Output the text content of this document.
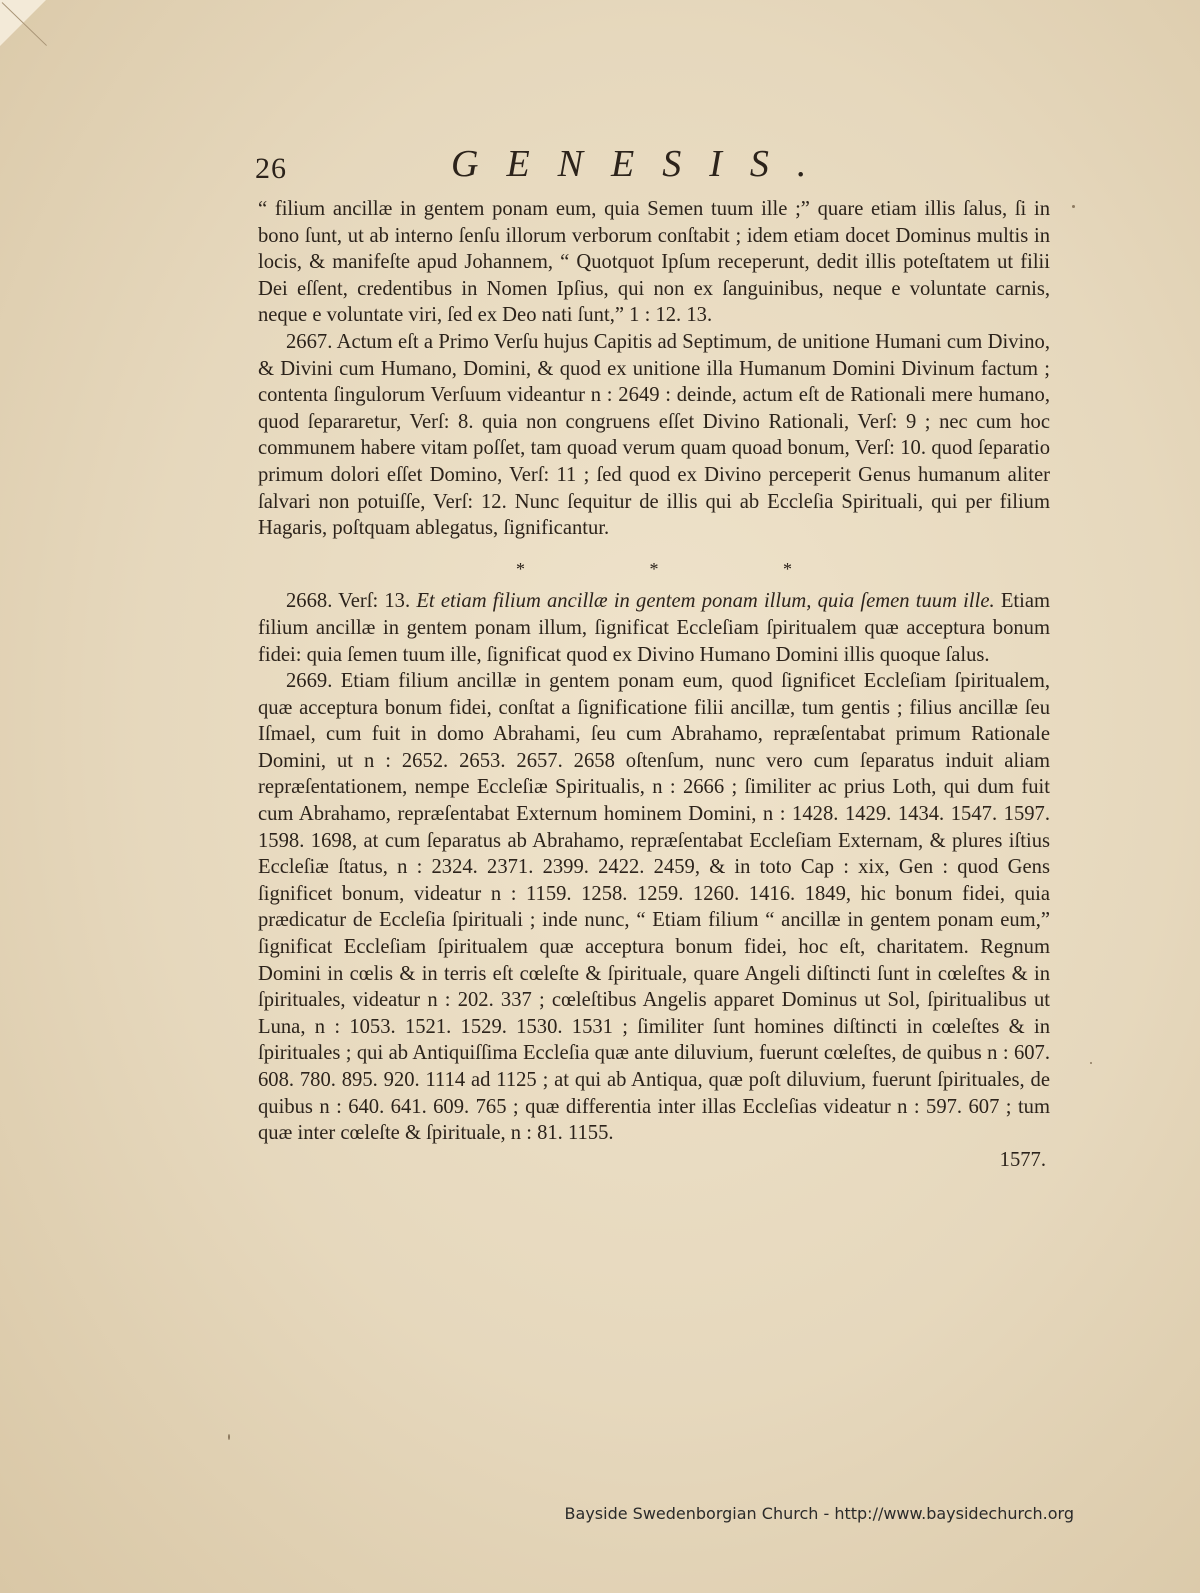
26	GENESIS.

“ filium ancillæ in gentem ponam eum, quia Semen tuum ille ;” quare etiam illis ſalus, ſi in bono ſunt, ut ab interno ſenſu illorum verborum conſtabit ; idem etiam docet Dominus multis in locis, & manifeſte apud Johannem, “ Quotquot Ipſum receperunt, dedit illis poteſtatem ut filii Dei eſſent, credentibus in Nomen Ipſius, qui non ex ſanguinibus, neque e voluntate carnis, neque e voluntate viri, ſed ex Deo nati ſunt,” 1 : 12. 13.

2667. Actum eſt a Primo Verſu hujus Capitis ad Septimum, de unitione Humani cum Divino, & Divini cum Humano, Domini, & quod ex unitione illa Humanum Domini Divinum factum ; contenta ſingulorum Verſuum videantur n : 2649 : deinde, actum eſt de Rationali mere humano, quod ſepararetur, Verſ: 8. quia non congruens eſſet Divino Rationali, Verſ: 9 ; nec cum hoc communem habere vitam poſſet, tam quoad verum quam quoad bonum, Verſ: 10. quod ſeparatio primum dolori eſſet Domino, Verſ: 11 ; ſed quod ex Divino perceperit Genus humanum aliter ſalvari non potuiſſe, Verſ: 12. Nunc ſequitur de illis qui ab Eccleſia Spirituali, qui per filium Hagaris, poſtquam ablegatus, ſignificantur.

* * *

2668. Verſ: 13. Et etiam filium ancillæ in gentem ponam illum, quia ſemen tuum ille. Etiam filium ancillæ in gentem ponam illum, ſignificat Eccleſiam ſpiritualem quæ acceptura bonum fidei: quia ſemen tuum ille, ſignificat quod ex Divino Humano Domini illis quoque ſalus.

2669. Etiam filium ancillæ in gentem ponam eum, quod ſignificet Eccleſiam ſpiritualem, quæ acceptura bonum fidei, conſtat a ſignificatione filii ancillæ, tum gentis ; filius ancillæ ſeu Iſmael, cum fuit in domo Abrahami, ſeu cum Abrahamo, repræſentabat primum Rationale Domini, ut n : 2652. 2653. 2657. 2658 oſtenſum, nunc vero cum ſeparatus induit aliam repræſentationem, nempe Eccleſiæ Spiritualis, n : 2666 ; ſimiliter ac prius Loth, qui dum fuit cum Abrahamo, repræſentabat Externum hominem Domini, n : 1428. 1429. 1434. 1547. 1597. 1598. 1698, at cum ſeparatus ab Abrahamo, repræſentabat Eccleſiam Externam, & plures iſtius Eccleſiæ ſtatus, n : 2324. 2371. 2399. 2422. 2459, & in toto Cap : xix, Gen : quod Gens ſignificet bonum, videatur n : 1159. 1258. 1259. 1260. 1416. 1849, hic bonum fidei, quia prædicatur de Eccleſia ſpirituali ; inde nunc, “ Etiam filium “ ancillæ in gentem ponam eum,” ſignificat Eccleſiam ſpiritualem quæ acceptura bonum fidei, hoc eſt, charitatem. Regnum Domini in cœlis & in terris eſt cœleſte & ſpirituale, quare Angeli diſtincti ſunt in cœleſtes & in ſpirituales, videatur n : 202. 337 ; cœleſtibus Angelis apparet Dominus ut Sol, ſpiritualibus ut Luna, n : 1053. 1521. 1529. 1530. 1531 ; ſimiliter ſunt homines diſtincti in cœleſtes & in ſpirituales ; qui ab Antiquiſſima Eccleſia quæ ante diluvium, fuerunt cœleſtes, de quibus n : 607. 608. 780. 895. 920. 1114 ad 1125 ; at qui ab Antiqua, quæ poſt diluvium, fuerunt ſpirituales, de quibus n : 640. 641. 609. 765 ; quæ differentia inter illas Eccleſias videatur n : 597. 607 ; tum quæ inter cœleſte & ſpirituale, n : 81. 1155.

1577.
Bayside Swedenborgian Church - http://www.baysidechurch.org
